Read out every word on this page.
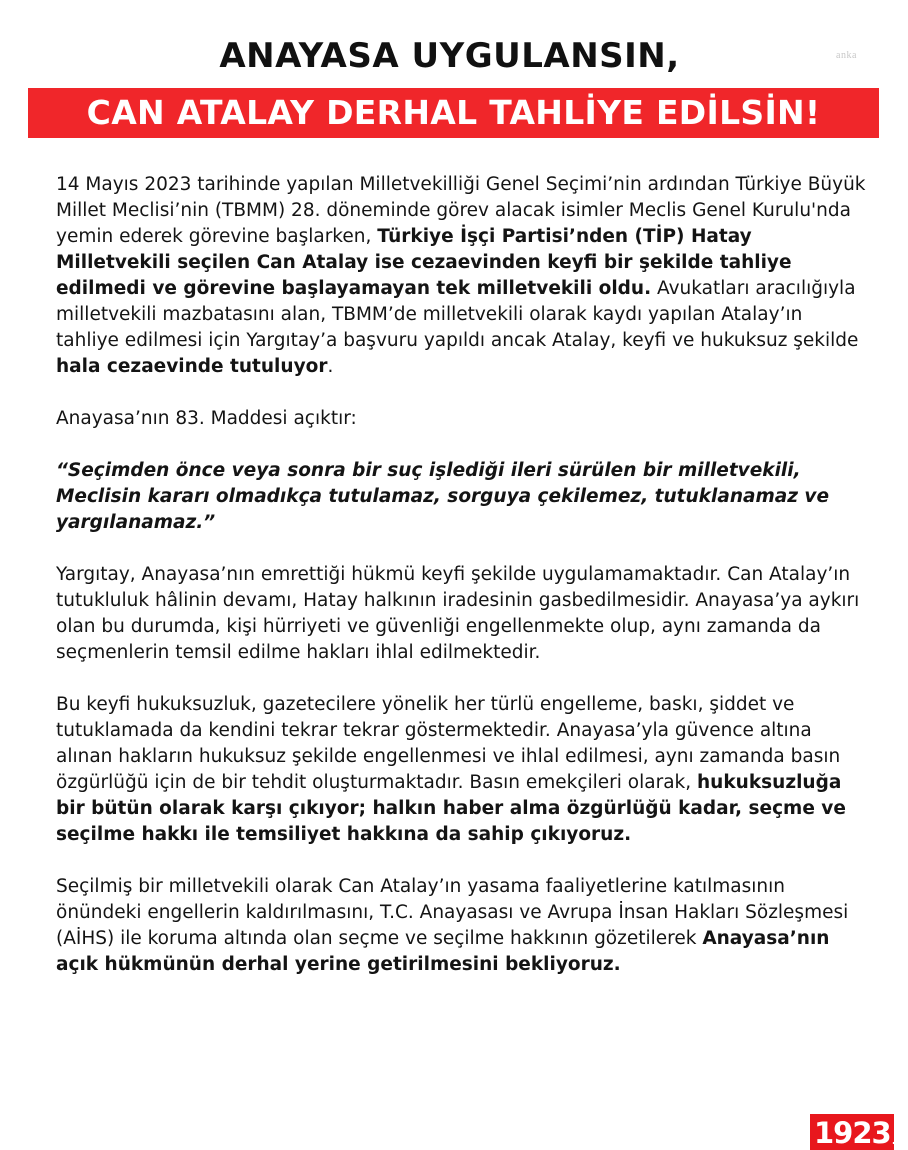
anka
ANAYASA UYGULANSIN,
CAN ATALAY DERHAL TAHLİYE EDİLSİN!

14 Mayıs 2023 tarihinde yapılan Milletvekilliği Genel Seçimi’nin ardından Türkiye Büyük Millet Meclisi’nin (TBMM) 28. döneminde görev alacak isimler Meclis Genel Kurulu'nda yemin ederek görevine başlarken, Türkiye İşçi Partisi’nden (TİP) Hatay Milletvekili seçilen Can Atalay ise cezaevinden keyfi bir şekilde tahliye edilmedi ve görevine başlayamayan tek milletvekili oldu. Avukatları aracılığıyla milletvekili mazbatasını alan, TBMM’de milletvekili olarak kaydı yapılan Atalay’ın tahliye edilmesi için Yargıtay’a başvuru yapıldı ancak Atalay, keyfi ve hukuksuz şekilde hala cezaevinde tutuluyor.

Anayasa’nın 83. Maddesi açıktır:

“Seçimden önce veya sonra bir suç işlediği ileri sürülen bir milletvekili, Meclisin kararı olmadıkça tutulamaz, sorguya çekilemez, tutuklanamaz ve yargılanamaz.”

Yargıtay, Anayasa’nın emrettiği hükmü keyfi şekilde uygulamamaktadır. Can Atalay’ın tutukluluk hâlinin devamı, Hatay halkının iradesinin gasbedilmesidir. Anayasa’ya aykırı olan bu durumda, kişi hürriyeti ve güvenliği engellenmekte olup, aynı zamanda da seçmenlerin temsil edilme hakları ihlal edilmektedir.

Bu keyfi hukuksuzluk, gazetecilere yönelik her türlü engelleme, baskı, şiddet ve tutuklamada da kendini tekrar tekrar göstermektedir. Anayasa’yla güvence altına alınan hakların hukuksuz şekilde engellenmesi ve ihlal edilmesi, aynı zamanda basın özgürlüğü için de bir tehdit oluşturmaktadır. Basın emekçileri olarak, hukuksuzluğa bir bütün olarak karşı çıkıyor; halkın haber alma özgürlüğü kadar, seçme ve seçilme hakkı ile temsiliyet hakkına da sahip çıkıyoruz.

Seçilmiş bir milletvekili olarak Can Atalay’ın yasama faaliyetlerine katılmasının önündeki engellerin kaldırılmasını, T.C. Anayasası ve Avrupa İnsan Hakları Sözleşmesi (AİHS) ile koruma altında olan seçme ve seçilme hakkının gözetilerek Anayasa’nın açık hükmünün derhal yerine getirilmesini bekliyoruz.

1923 .tv
